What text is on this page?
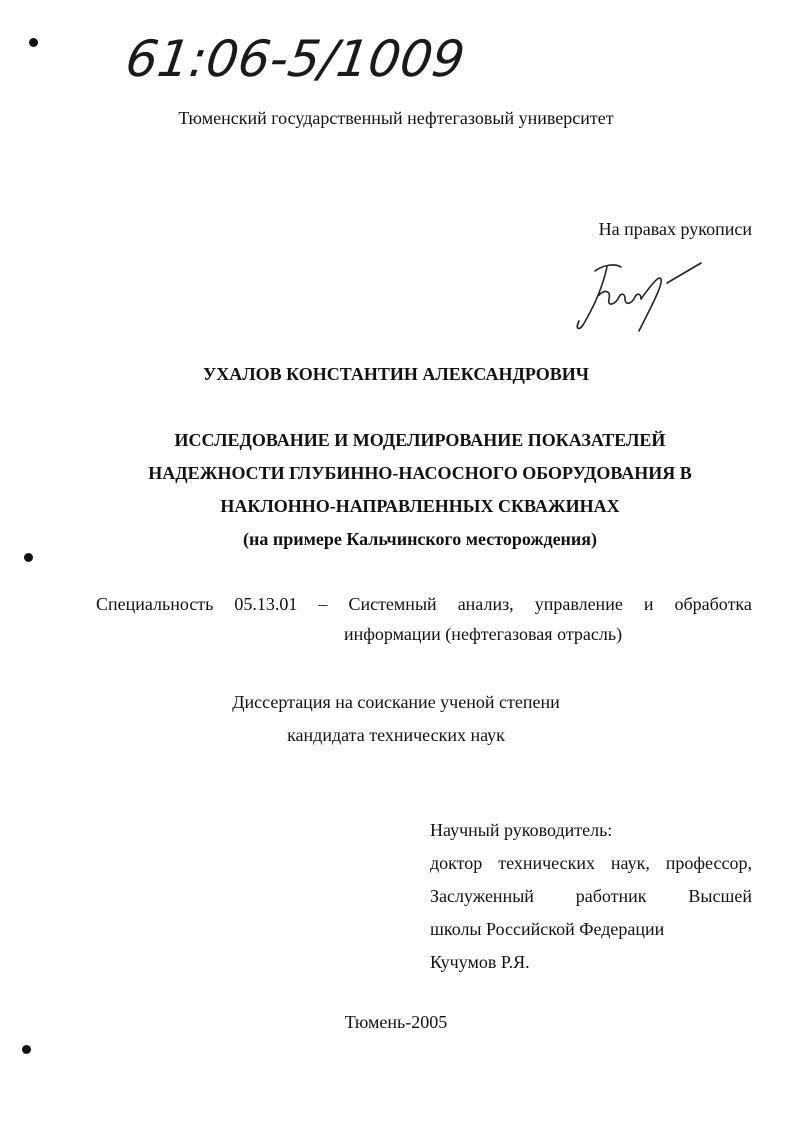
61:06-5/1009
Тюменский государственный нефтегазовый университет
На правах рукописи
УХАЛОВ КОНСТАНТИН АЛЕКСАНДРОВИЧ
ИССЛЕДОВАНИЕ И МОДЕЛИРОВАНИЕ ПОКАЗАТЕЛЕЙ
НАДЕЖНОСТИ ГЛУБИННО-НАСОСНОГО ОБОРУДОВАНИЯ В
НАКЛОННО-НАПРАВЛЕННЫХ СКВАЖИНАХ
(на примере Кальчинского месторождения)
Специальность 05.13.01 – Системный анализ, управление и обработка
информации (нефтегазовая отрасль)
Диссертация на соискание ученой степени
кандидата технических наук
Научный руководитель:
доктор технических наук, профессор,
Заслуженный работник Высшей
школы Российской Федерации
Кучумов Р.Я.
Тюмень-2005
